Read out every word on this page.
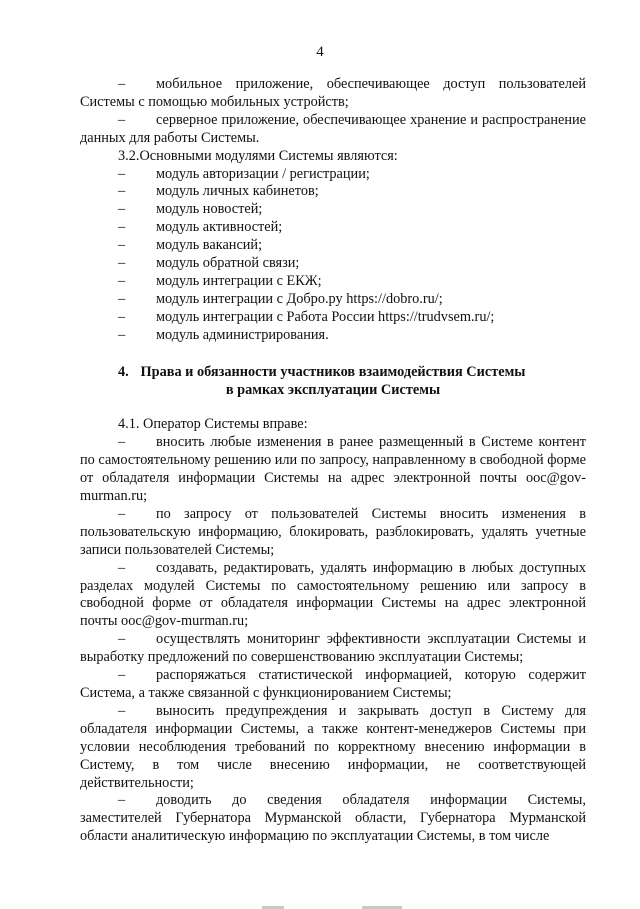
4

– мобильное приложение, обеспечивающее доступ пользователей Системы с помощью мобильных устройств;

– серверное приложение, обеспечивающее хранение и распространение данных для работы Системы.

3.2.Основными модулями Системы являются:

– модуль авторизации / регистрации;

– модуль личных кабинетов;

– модуль новостей;

– модуль активностей;

– модуль вакансий;

– модуль обратной связи;

– модуль интеграции с ЕКЖ;

– модуль интеграции с Добро.ру https://dobro.ru/;

– модуль интеграции с Работа России https://trudvsem.ru/;

– модуль администрирования.

4. Права и обязанности участников взаимодействия Системы

в рамках эксплуатации Системы

4.1. Оператор Системы вправе:

– вносить любые изменения в ранее размещенный в Системе контент по самостоятельному решению или по запросу, направленному в свободной форме от обладателя информации Системы на адрес электронной почты ooc@gov-murman.ru;

– по запросу от пользователей Системы вносить изменения в пользовательскую информацию, блокировать, разблокировать, удалять учетные записи пользователей Системы;

– создавать, редактировать, удалять информацию в любых доступных разделах модулей Системы по самостоятельному решению или запросу в свободной форме от обладателя информации Системы на адрес электронной почты ooc@gov-murman.ru;

– осуществлять мониторинг эффективности эксплуатации Системы и выработку предложений по совершенствованию эксплуатации Системы;

– распоряжаться статистической информацией, которую содержит Система, а также связанной с функционированием Системы;

– выносить предупреждения и закрывать доступ в Систему для обладателя информации Системы, а также контент-менеджеров Системы при условии несоблюдения требований по корректному внесению информации в Систему, в том числе внесению информации, не соответствующей действительности;

– доводить до сведения обладателя информации Системы, заместителей Губернатора Мурманской области, Губернатора Мурманской области аналитическую информацию по эксплуатации Системы, в том числе
